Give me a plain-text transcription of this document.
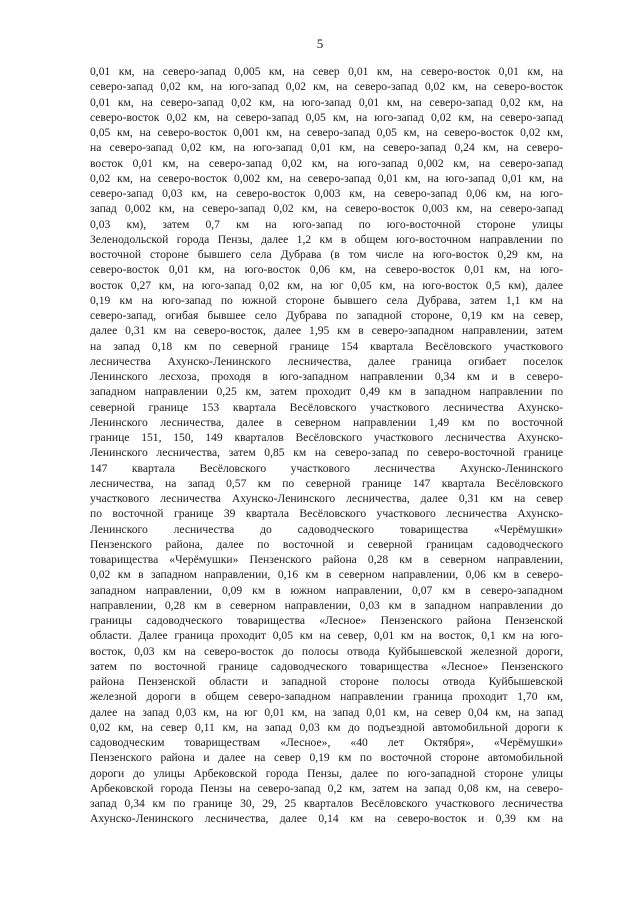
5
0,01 км, на северо-запад 0,005 км, на север 0,01 км, на северо-восток 0,01 км, на
северо-запад 0,02 км, на юго-запад 0,02 км, на северо-запад 0,02 км, на северо-восток
0,01 км, на северо-запад 0,02 км, на юго-запад 0,01 км, на северо-запад 0,02 км, на
северо-восток 0,02 км, на северо-запад 0,05 км, на юго-запад 0,02 км, на северо-запад
0,05 км, на северо-восток 0,001 км, на северо-запад 0,05 км, на северо-восток 0,02 км,
на северо-запад 0,02 км, на юго-запад 0,01 км, на северо-запад 0,24 км, на северо-
восток 0,01 км, на северо-запад 0,02 км, на юго-запад 0,002 км, на северо-запад
0,02 км, на северо-восток 0,002 км, на северо-запад 0,01 км, на юго-запад 0,01 км, на
северо-запад 0,03 км, на северо-восток 0,003 км, на северо-запад 0,06 км, на юго-
запад 0,002 км, на северо-запад 0,02 км, на северо-восток 0,003 км, на северо-запад
0,03 км), затем 0,7 км на юго-запад по юго-восточной стороне улицы
Зеленодольской города Пензы, далее 1,2 км в общем юго-восточном направлении по
восточной стороне бывшего села Дубрава (в том числе на юго-восток 0,29 км, на
северо-восток 0,01 км, на юго-восток 0,06 км, на северо-восток 0,01 км, на юго-
восток 0,27 км, на юго-запад 0,02 км, на юг 0,05 км, на юго-восток 0,5 км), далее
0,19 км на юго-запад по южной стороне бывшего села Дубрава, затем 1,1 км на
северо-запад, огибая бывшее село Дубрава по западной стороне, 0,19 км на север,
далее 0,31 км на северо-восток, далее 1,95 км в северо-западном направлении, затем
на запад 0,18 км по северной границе 154 квартала Весёловского участкового
лесничества Ахунско-Ленинского лесничества, далее граница огибает поселок
Ленинского лесхоза, проходя в юго-западном направлении 0,34 км и в северо-
западном направлении 0,25 км, затем проходит 0,49 км в западном направлении по
северной границе 153 квартала Весёловского участкового лесничества Ахунско-
Ленинского лесничества, далее в северном направлении 1,49 км по восточной
границе 151, 150, 149 кварталов Весёловского участкового лесничества Ахунско-
Ленинского лесничества, затем 0,85 км на северо-запад по северо-восточной границе
147 квартала Весёловского участкового лесничества Ахунско-Ленинского
лесничества, на запад 0,57 км по северной границе 147 квартала Весёловского
участкового лесничества Ахунско-Ленинского лесничества, далее 0,31 км на север
по восточной границе 39 квартала Весёловского участкового лесничества Ахунско-
Ленинского лесничества до садоводческого товарищества «Черёмушки»
Пензенского района, далее по восточной и северной границам садоводческого
товарищества «Черёмушки» Пензенского района 0,28 км в северном направлении,
0,02 км в западном направлении, 0,16 км в северном направлении, 0,06 км в северо-
западном направлении, 0,09 км в южном направлении, 0,07 км в северо-западном
направлении, 0,28 км в северном направлении, 0,03 км в западном направлении до
границы садоводческого товарищества «Лесное» Пензенского района Пензенской
области. Далее граница проходит 0,05 км на север, 0,01 км на восток, 0,1 км на юго-
восток, 0,03 км на северо-восток до полосы отвода Куйбышевской железной дороги,
затем по восточной границе садоводческого товарищества «Лесное» Пензенского
района Пензенской области и западной стороне полосы отвода Куйбышевской
железной дороги в общем северо-западном направлении граница проходит 1,70 км,
далее на запад 0,03 км, на юг 0,01 км, на запад 0,01 км, на север 0,04 км, на запад
0,02 км, на север 0,11 км, на запад 0,03 км до подъездной автомобильной дороги к
садоводческим товариществам «Лесное», «40 лет Октября», «Черёмушки»
Пензенского района и далее на север 0,19 км по восточной стороне автомобильной
дороги до улицы Арбековской города Пензы, далее по юго-западной стороне улицы
Арбековской города Пензы на северо-запад 0,2 км, затем на запад 0,08 км, на северо-
запад 0,34 км по границе 30, 29, 25 кварталов Весёловского участкового лесничества
Ахунско-Ленинского лесничества, далее 0,14 км на северо-восток и 0,39 км на
